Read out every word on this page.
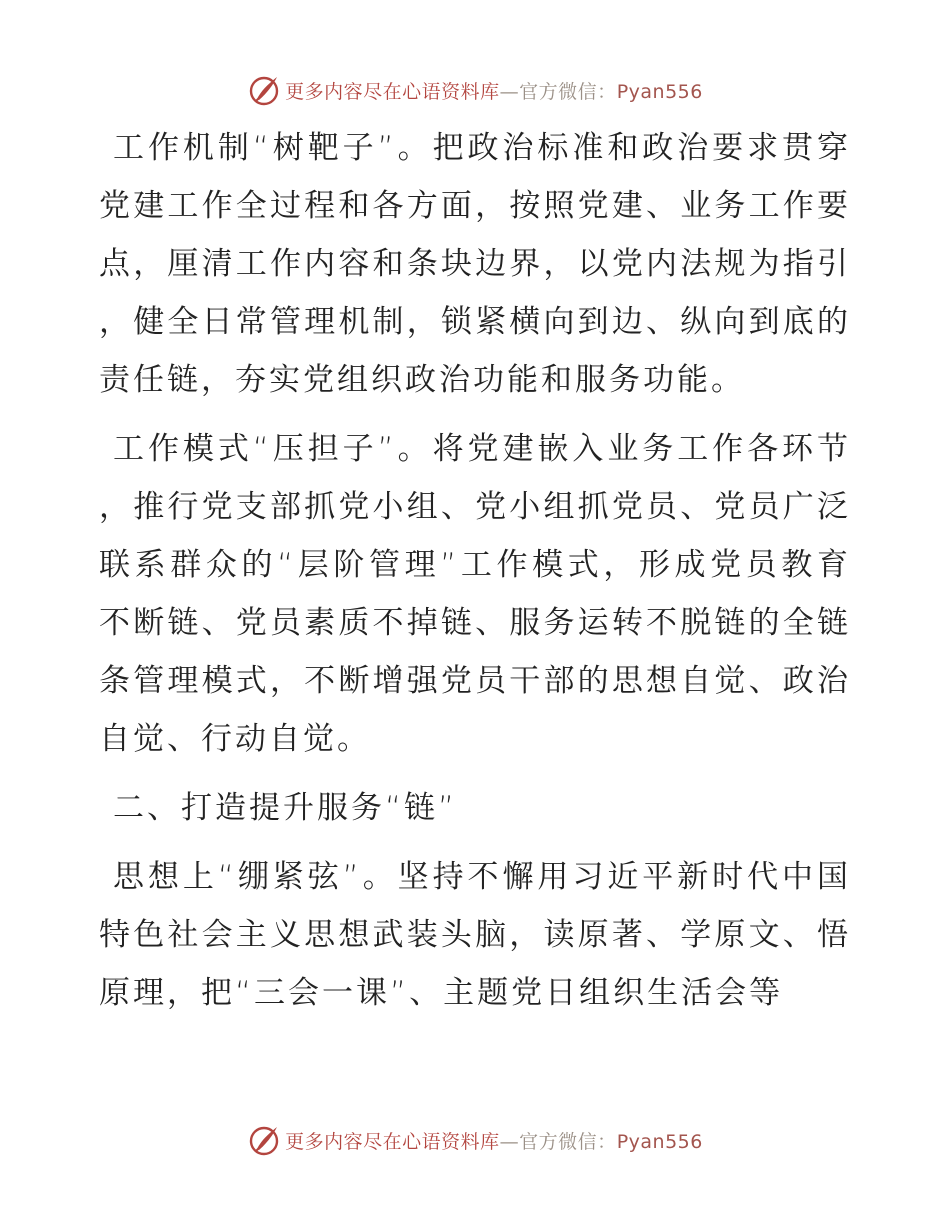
更多内容尽在心语资料库—官方微信：Pyan556

工作机制“树靶子”。把政治标准和政治要求贯穿党建工作全过程和各方面，按照党建、业务工作要点，厘清工作内容和条块边界，以党内法规为指引，健全日常管理机制，锁紧横向到边、纵向到底的责任链，夯实党组织政治功能和服务功能。

工作模式“压担子”。将党建嵌入业务工作各环节，推行党支部抓党小组、党小组抓党员、党员广泛联系群众的“层阶管理”工作模式，形成党员教育不断链、党员素质不掉链、服务运转不脱链的全链条管理模式，不断增强党员干部的思想自觉、政治自觉、行动自觉。

二、打造提升服务“链”

思想上“绷紧弦”。坚持不懈用习近平新时代中国特色社会主义思想武装头脑，读原著、学原文、悟原理，把“三会一课”、主题党日组织生活会等

更多内容尽在心语资料库—官方微信：Pyan556
